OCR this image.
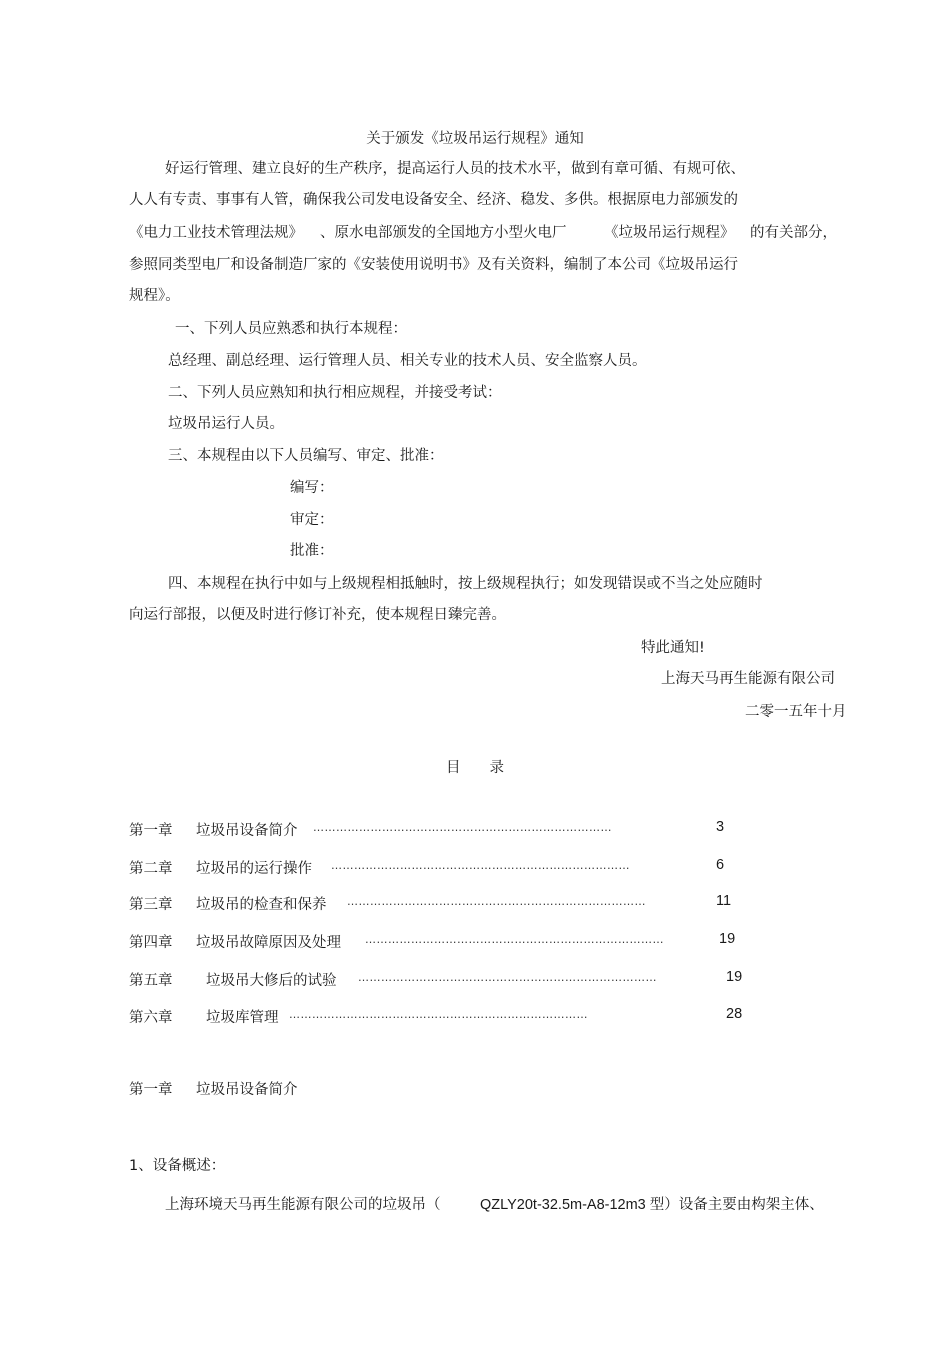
关于颁发《垃圾吊运行规程》通知
好运行管理、建立良好的生产秩序，提高运行人员的技术水平，做到有章可循、有规可依、
人人有专责、事事有人管，确保我公司发电设备安全、经济、稳发、多供。根据原电力部颁发的
《电力工业技术管理法规》 、原水电部颁发的全国地方小型火电厂	《垃圾吊运行规程》 的有关部分，
参照同类型电厂和设备制造厂家的《安装使用说明书》及有关资料，编制了本公司《垃圾吊运行
规程》。
一、下列人员应熟悉和执行本规程：
总经理、副总经理、运行管理人员、相关专业的技术人员、安全监察人员。
二、下列人员应熟知和执行相应规程，并接受考试：
垃圾吊运行人员。
三、本规程由以下人员编写、审定、批准：
编写：
审定：
批准：
四、本规程在执行中如与上级规程相抵触时，按上级规程执行；如发现错误或不当之处应随时
向运行部报，以便及时进行修订补充，使本规程日臻完善。
特此通知!
上海天马再生能源有限公司
二零一五年十月
目　　录
第一章 垃圾吊设备简介 ……………………………………………………………………	3
第二章 垃圾吊的运行操作 ……………………………………………………………………	6
第三章 垃圾吊的检查和保养 ……………………………………………………………………	11
第四章 垃圾吊故障原因及处理 ……………………………………………………………………	19
第五章 垃圾吊大修后的试验 ……………………………………………………………………	19
第六章 垃圾库管理 ……………………………………………………………………	28
第一章 垃圾吊设备简介
1、设备概述：
上海环境天马再生能源有限公司的垃圾吊（	QZLY20t-32.5m-A8-12m3 型）设备主要由构架主体、
